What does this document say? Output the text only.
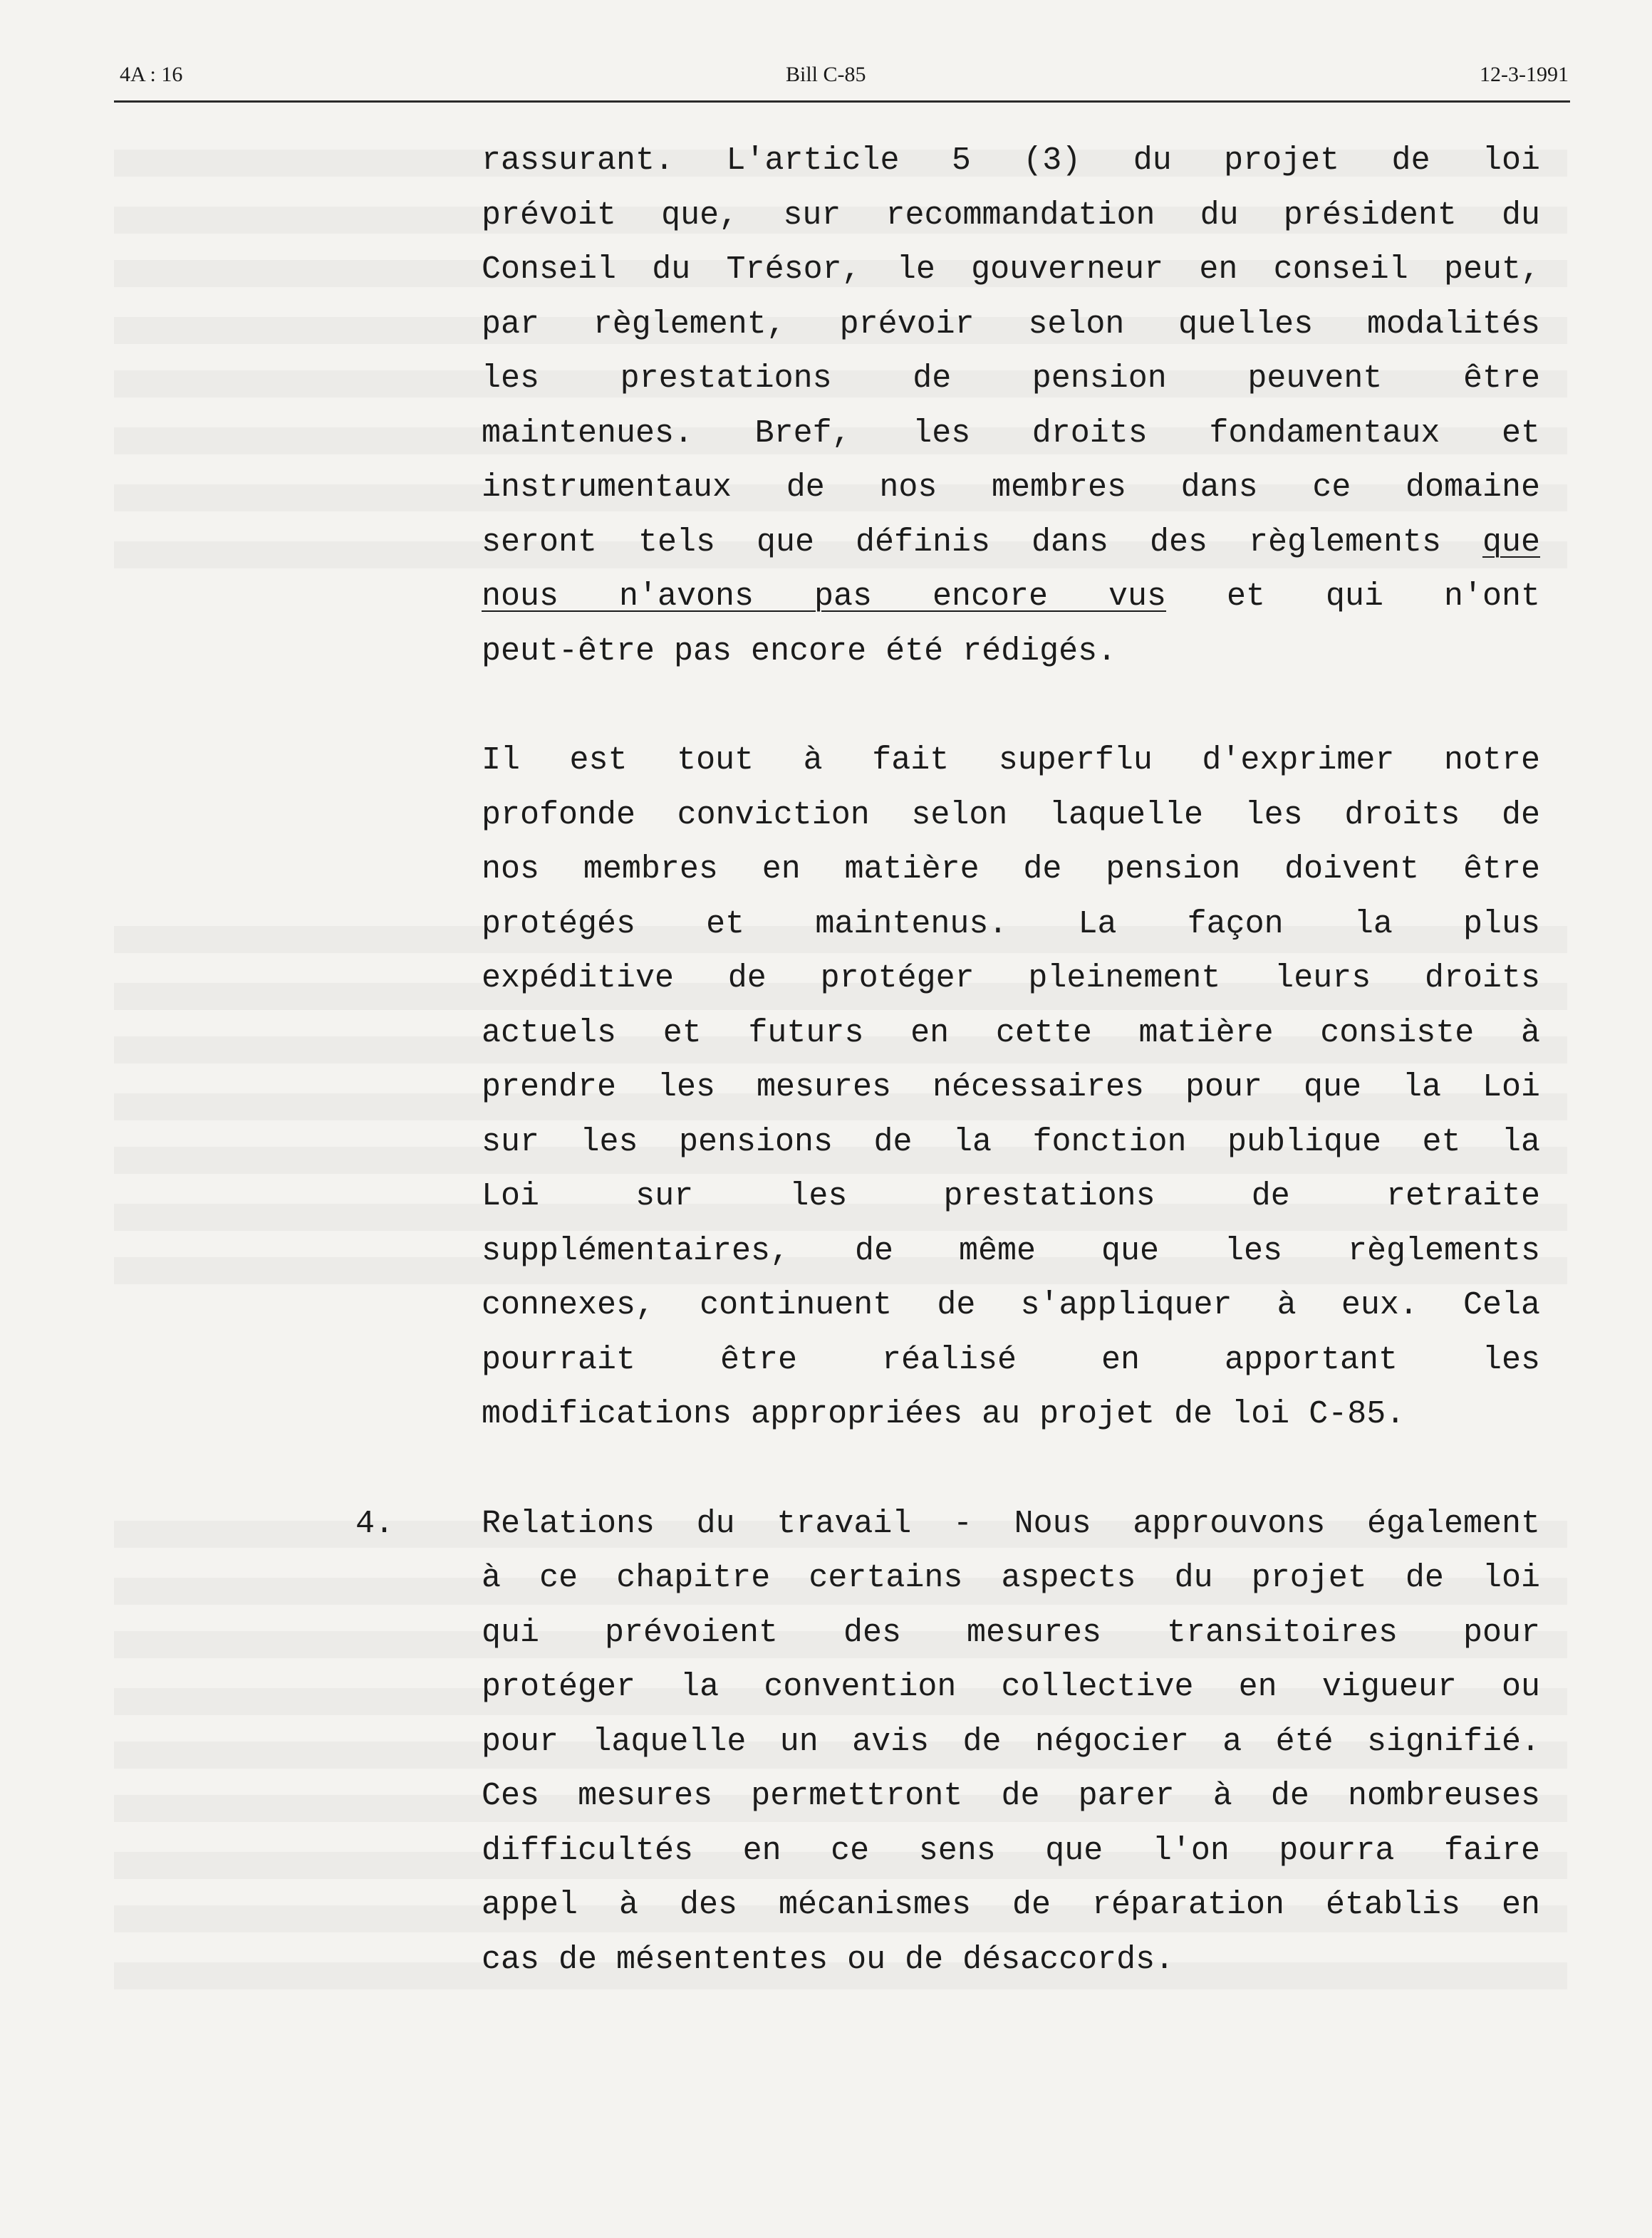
4A : 16	Bill C-85	12-3-1991
rassurant. L'article 5 (3) du projet de loi
prévoit que, sur recommandation du président du
Conseil du Trésor, le gouverneur en conseil peut,
par règlement, prévoir selon quelles modalités
les prestations de pension peuvent être
maintenues. Bref, les droits fondamentaux et
instrumentaux de nos membres dans ce domaine
seront tels que définis dans des règlements que
nous n'avons pas encore vus et qui n'ont
peut-être pas encore été rédigés.
Il est tout à fait superflu d'exprimer notre
profonde conviction selon laquelle les droits de
nos membres en matière de pension doivent être
protégés et maintenus. La façon la plus
expéditive de protéger pleinement leurs droits
actuels et futurs en cette matière consiste à
prendre les mesures nécessaires pour que la Loi
sur les pensions de la fonction publique et la
Loi sur les prestations de retraite
supplémentaires, de même que les règlements
connexes, continuent de s'appliquer à eux. Cela
pourrait être réalisé en apportant les
modifications appropriées au projet de loi C-85.
4.	Relations du travail - Nous approuvons également
à ce chapitre certains aspects du projet de loi
qui prévoient des mesures transitoires pour
protéger la convention collective en vigueur ou
pour laquelle un avis de négocier a été signifié.
Ces mesures permettront de parer à de nombreuses
difficultés en ce sens que l'on pourra faire
appel à des mécanismes de réparation établis en
cas de mésententes ou de désaccords.
